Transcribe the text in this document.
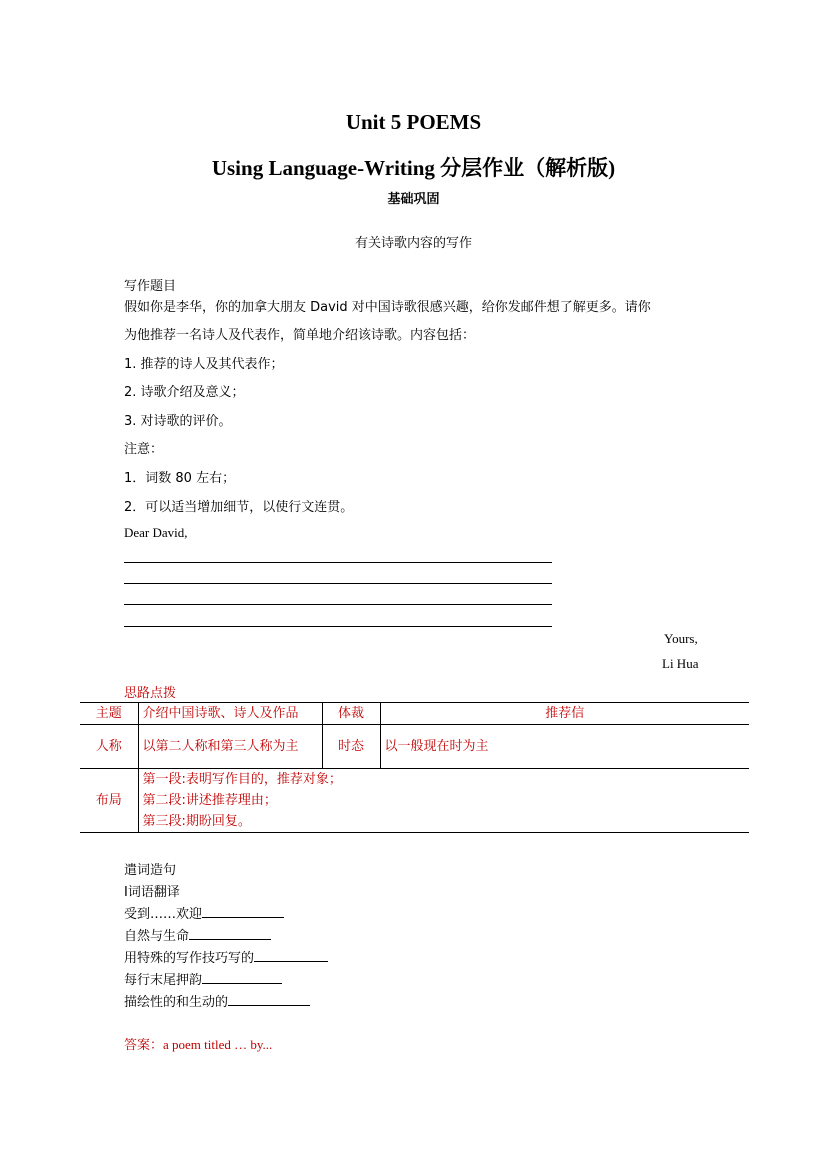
Unit 5 POEMS
Using Language-Writing 分层作业（解析版)
基础巩固
有关诗歌内容的写作
写作题目
假如你是李华，你的加拿大朋友 David 对中国诗歌很感兴趣，给你发邮件想了解更多。请你
为他推荐一名诗人及代表作，简单地介绍该诗歌。内容包括：
1. 推荐的诗人及其代表作；
2. 诗歌介绍及意义；
3. 对诗歌的评价。
注意：
1．词数 80 左右；
2．可以适当增加细节，以使行文连贯。
Dear David,
Yours,
Li Hua
思路点拨
主题	介绍中国诗歌、诗人及作品	体裁	推荐信
人称	以第二人称和第三人称为主	时态	以一般现在时为主
布局	第一段:表明写作目的，推荐对象；
第二段:讲述推荐理由；
第三段:期盼回复。		
遣词造句
Ⅰ词语翻译
受到……欢迎
自然与生命
用特殊的写作技巧写的
每行末尾押韵
描绘性的和生动的
答案：a poem titled … by...
